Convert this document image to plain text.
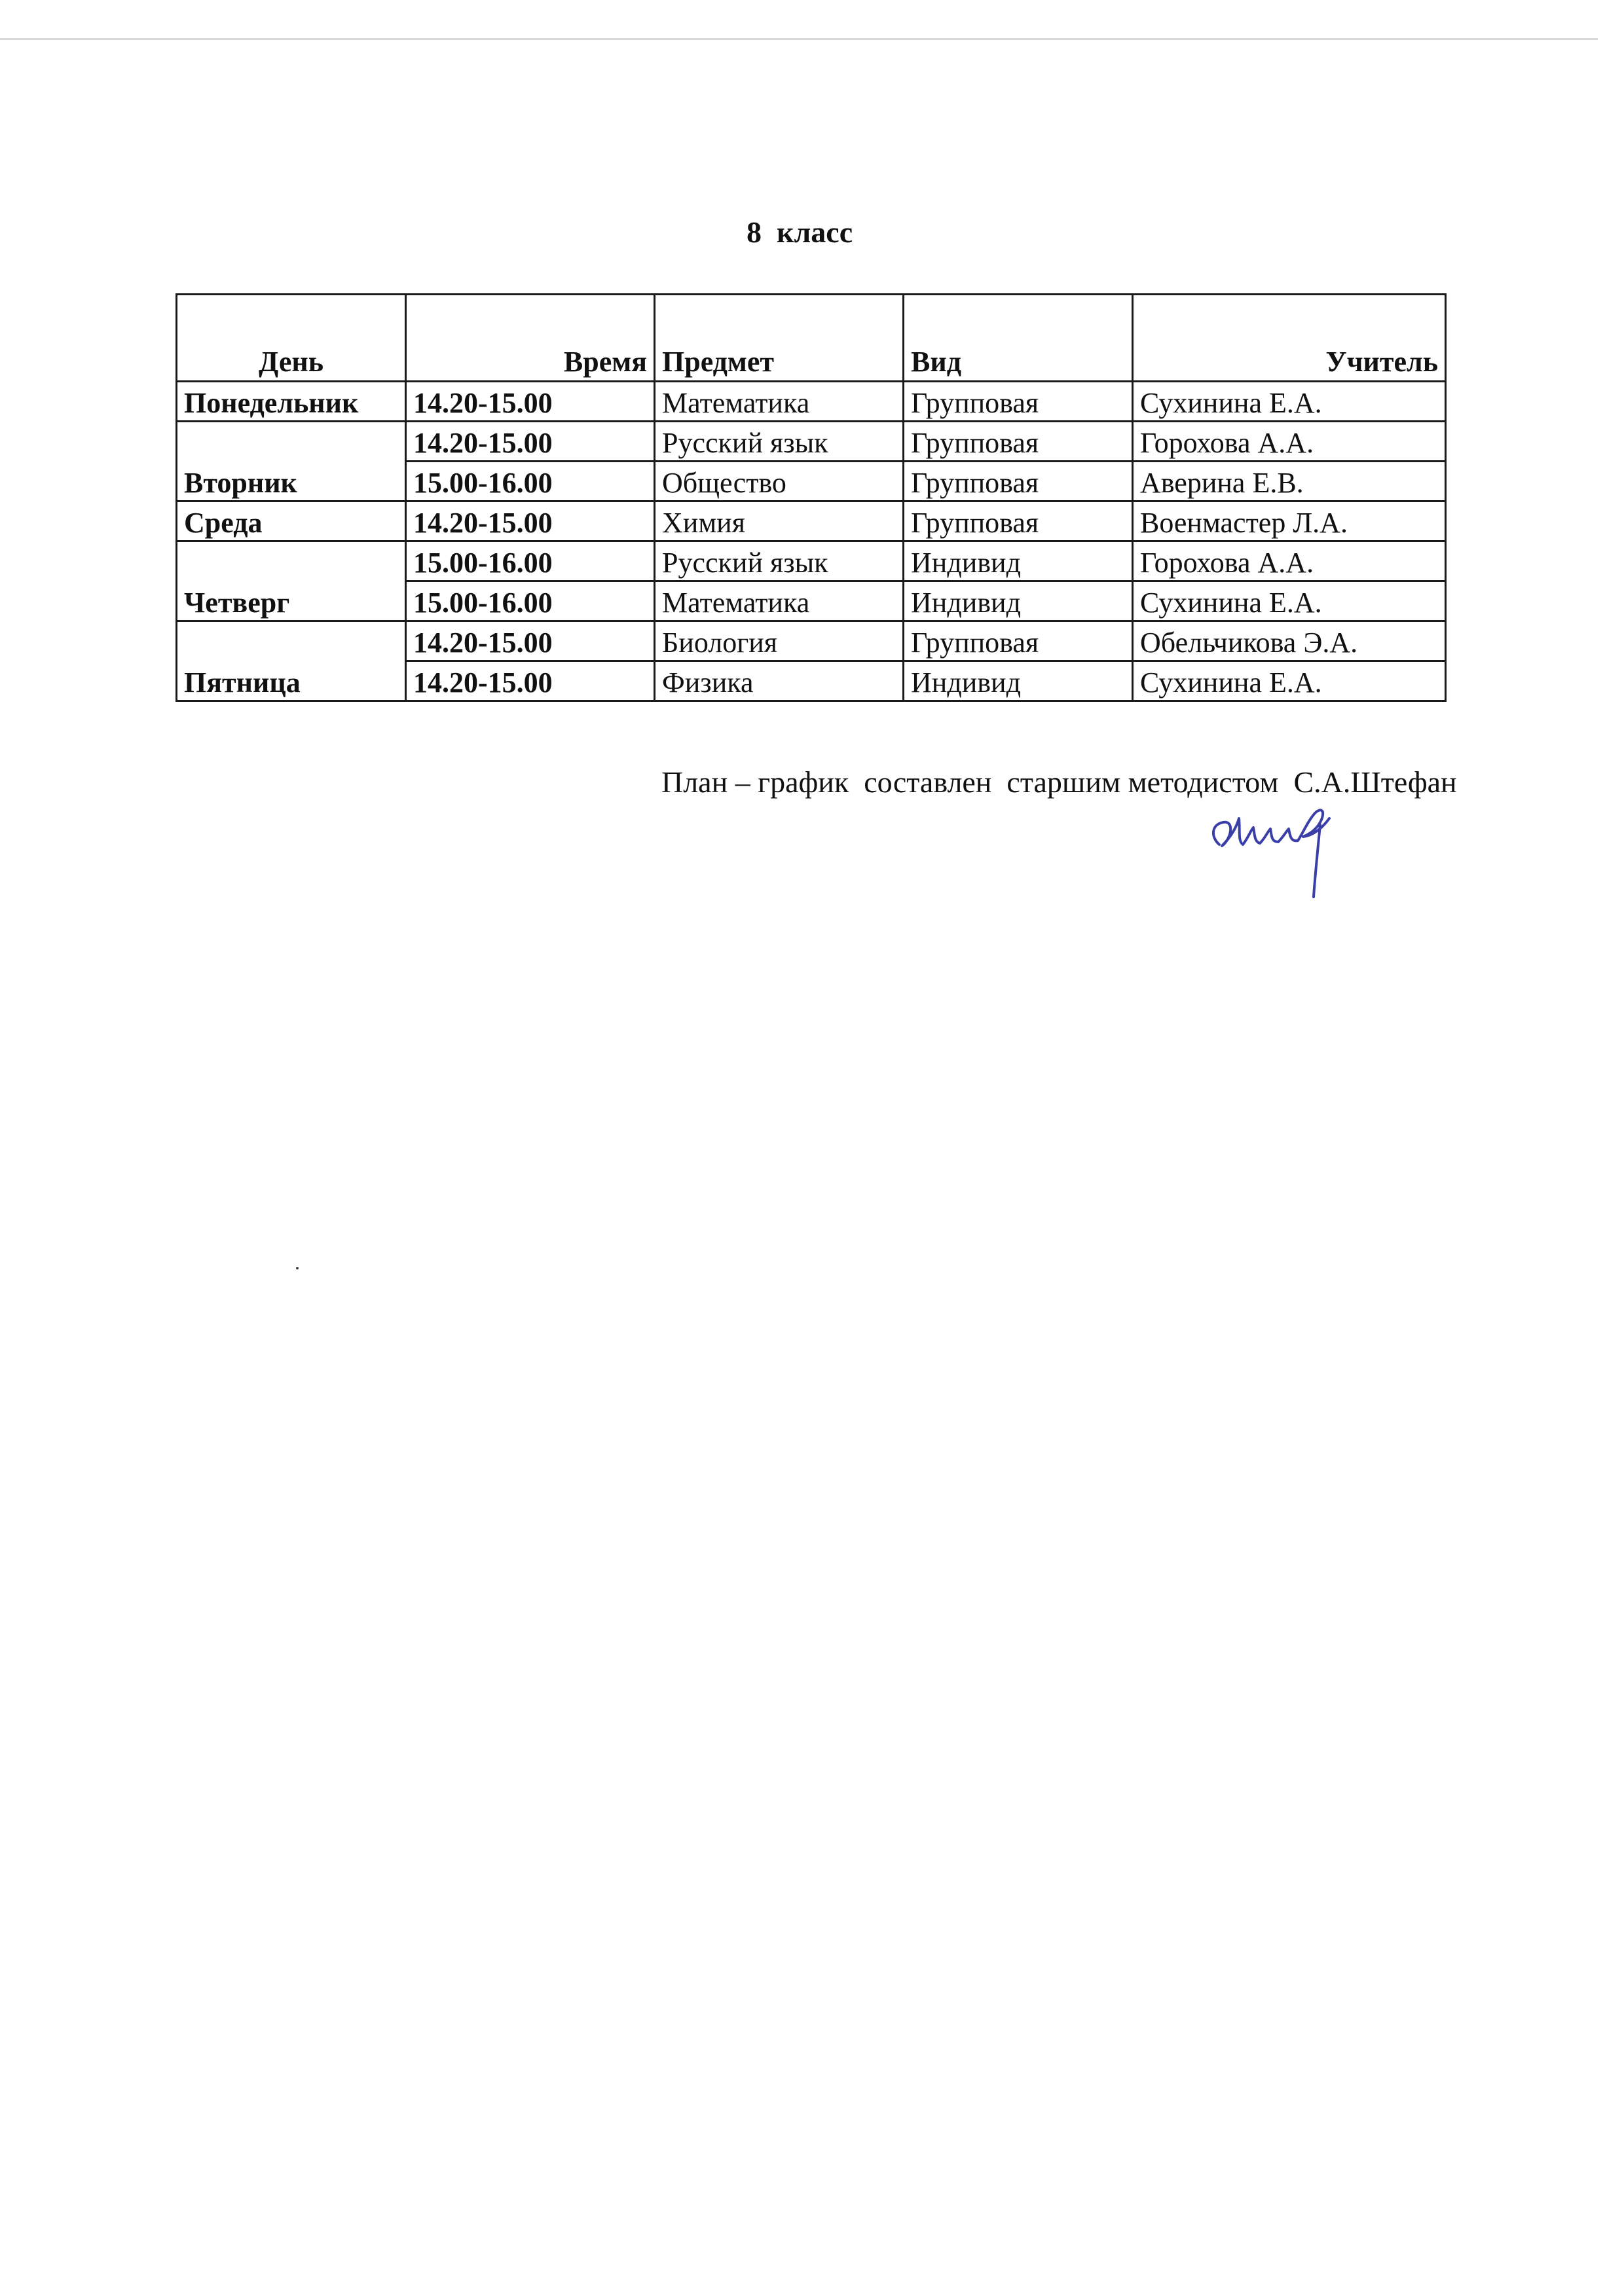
8  класс
День	Время	Предмет	Вид	Учитель
Понедельник	14.20-15.00	Математика	Групповая	Сухинина Е.А.
Вторник	14.20-15.00	Русский язык	Групповая	Горохова А.А.
	15.00-16.00	Общество	Групповая	Аверина Е.В.
Среда	14.20-15.00	Химия	Групповая	Военмастер Л.А.
Четверг	15.00-16.00	Русский язык	Индивид	Горохова А.А.
	15.00-16.00	Математика	Индивид	Сухинина Е.А.
Пятница	14.20-15.00	Биология	Групповая	Обельчикова Э.А.
	14.20-15.00	Физика	Индивид	Сухинина Е.А.
План – график  составлен  старшим методистом  С.А.Штефан
